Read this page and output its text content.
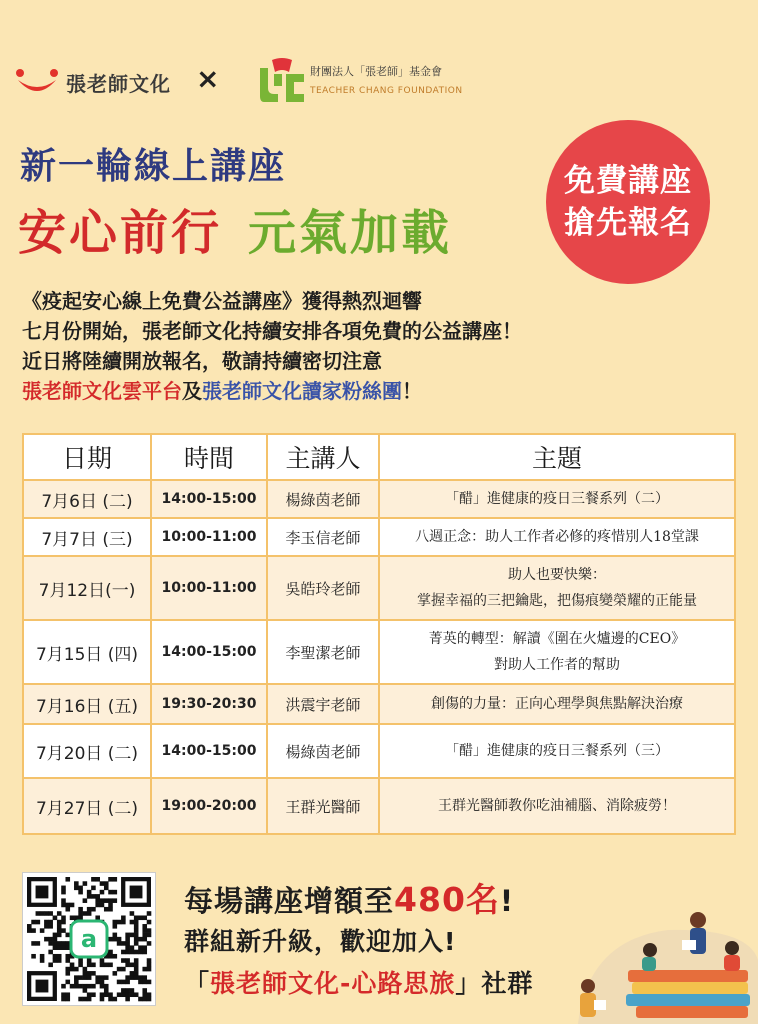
張老師文化 ×	財團法人「張老師」基金會
TEACHER CHANG FOUNDATION
新一輪線上講座
安心前行 元氣加載
免費講座
搶先報名
《疫起安心線上免費公益講座》獲得熱烈迴響
七月份開始，張老師文化持續安排各項免費的公益講座！
近日將陸續開放報名，敬請持續密切注意
張老師文化雲平台及張老師文化讀家粉絲團！
日期	時間	主講人	主題
7月6日 (二)	14:00-15:00	楊綠茵老師	「醋」進健康的疫日三餐系列（二）

7月7日 (三)	10:00-11:00	李玉信老師	八週正念：助人工作者必修的疼惜別人18堂課

7月12日(一)	10:00-11:00	吳皓玲老師	助人也要快樂：
掌握幸福的三把鑰匙，把傷痕變榮耀的正能量

7月15日 (四)	14:00-15:00	李聖潔老師	菁英的轉型：解讀《圍在火爐邊的CEO》
對助人工作者的幫助

7月16日 (五)	19:30-20:30	洪震宇老師	創傷的力量：正向心理學與焦點解決治療

7月20日 (二)	14:00-15:00	楊綠茵老師	「醋」進健康的疫日三餐系列（三）

7月27日 (二)	19:00-20:00	王群光醫師	王群光醫師教你吃油補腦、消除疲勞！
a
每場講座增額至480名!
群組新升級，歡迎加入!
「張老師文化-心路思旅」社群
